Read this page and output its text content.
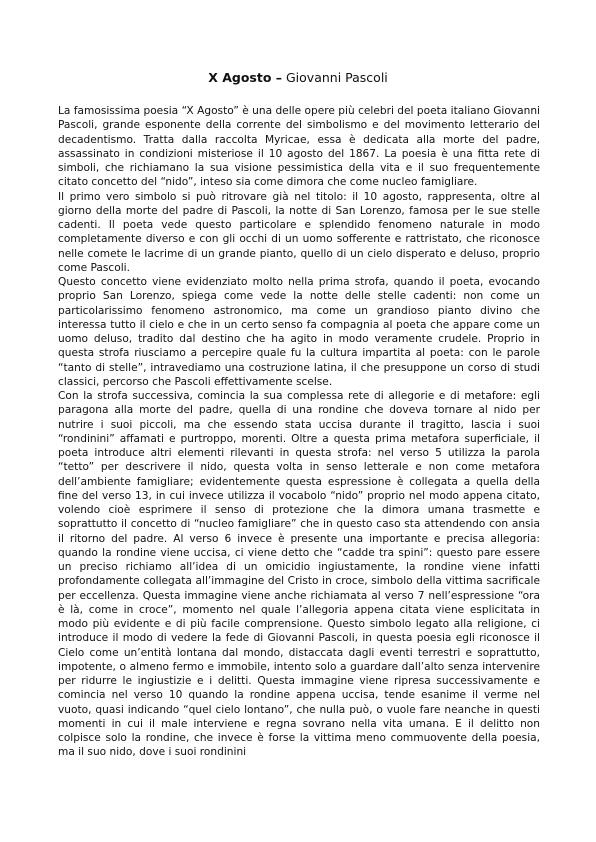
X Agosto – Giovanni Pascoli

La famosissima poesia “X Agosto” è una delle opere più celebri del poeta italiano Giovanni Pascoli, grande esponente della corrente del simbolismo e del movimento letterario del decadentismo. Tratta dalla raccolta Myricae, essa è dedicata alla morte del padre, assassinato in condizioni misteriose il 10 agosto del 1867. La poesia è una fitta rete di simboli, che richiamano la sua visione pessimistica della vita e il suo frequentemente citato concetto del “nido”, inteso sia come dimora che come nucleo famigliare.

Il primo vero simbolo si può ritrovare già nel titolo: il 10 agosto, rappresenta, oltre al giorno della morte del padre di Pascoli, la notte di San Lorenzo, famosa per le sue stelle cadenti. Il poeta vede questo particolare e splendido fenomeno naturale in modo completamente diverso e con gli occhi di un uomo sofferente e rattristato, che riconosce nelle comete le lacrime di un grande pianto, quello di un cielo disperato e deluso, proprio come Pascoli.

Questo concetto viene evidenziato molto nella prima strofa, quando il poeta, evocando proprio San Lorenzo, spiega come vede la notte delle stelle cadenti: non come un particolarissimo fenomeno astronomico, ma come un grandioso pianto divino che interessa tutto il cielo e che in un certo senso fa compagnia al poeta che appare come un uomo deluso, tradito dal destino che ha agito in modo veramente crudele. Proprio in questa strofa riusciamo a percepire quale fu la cultura impartita al poeta: con le parole “tanto di stelle”, intravediamo una costruzione latina, il che presuppone un corso di studi classici, percorso che Pascoli effettivamente scelse.

Con la strofa successiva, comincia la sua complessa rete di allegorie e di metafore: egli paragona alla morte del padre, quella di una rondine che doveva tornare al nido per nutrire i suoi piccoli, ma che essendo stata uccisa durante il tragitto, lascia i suoi “rondinini” affamati e purtroppo, morenti. Oltre a questa prima metafora superficiale, il poeta introduce altri elementi rilevanti in questa strofa: nel verso 5 utilizza la parola “tetto” per descrivere il nido, questa volta in senso letterale e non come metafora dell’ambiente famigliare; evidentemente questa espressione è collegata a quella della fine del verso 13, in cui invece utilizza il vocabolo “nido” proprio nel modo appena citato, volendo cioè esprimere il senso di protezione che la dimora umana trasmette e soprattutto il concetto di “nucleo famigliare” che in questo caso sta attendendo con ansia il ritorno del padre. Al verso 6 invece è presente una importante e precisa allegoria: quando la rondine viene uccisa, ci viene detto che “cadde tra spini”: questo pare essere un preciso richiamo all’idea di un omicidio ingiustamente, la rondine viene infatti profondamente collegata all’immagine del Cristo in croce, simbolo della vittima sacrificale per eccellenza. Questa immagine viene anche richiamata al verso 7 nell’espressione “ora è là, come in croce”, momento nel quale l’allegoria appena citata viene esplicitata in modo più evidente e di più facile comprensione. Questo simbolo legato alla religione, ci introduce il modo di vedere la fede di Giovanni Pascoli, in questa poesia egli riconosce il Cielo come un’entità lontana dal mondo, distaccata dagli eventi terrestri e soprattutto, impotente, o almeno fermo e immobile, intento solo a guardare dall’alto senza intervenire per ridurre le ingiustizie e i delitti. Questa immagine viene ripresa successivamente e comincia nel verso 10 quando la rondine appena uccisa, tende esanime il verme nel vuoto, quasi indicando “quel cielo lontano”, che nulla può, o vuole fare neanche in questi momenti in cui il male interviene e regna sovrano nella vita umana. E il delitto non colpisce solo la rondine, che invece è forse la vittima meno commuovente della poesia, ma il suo nido, dove i suoi rondinini
